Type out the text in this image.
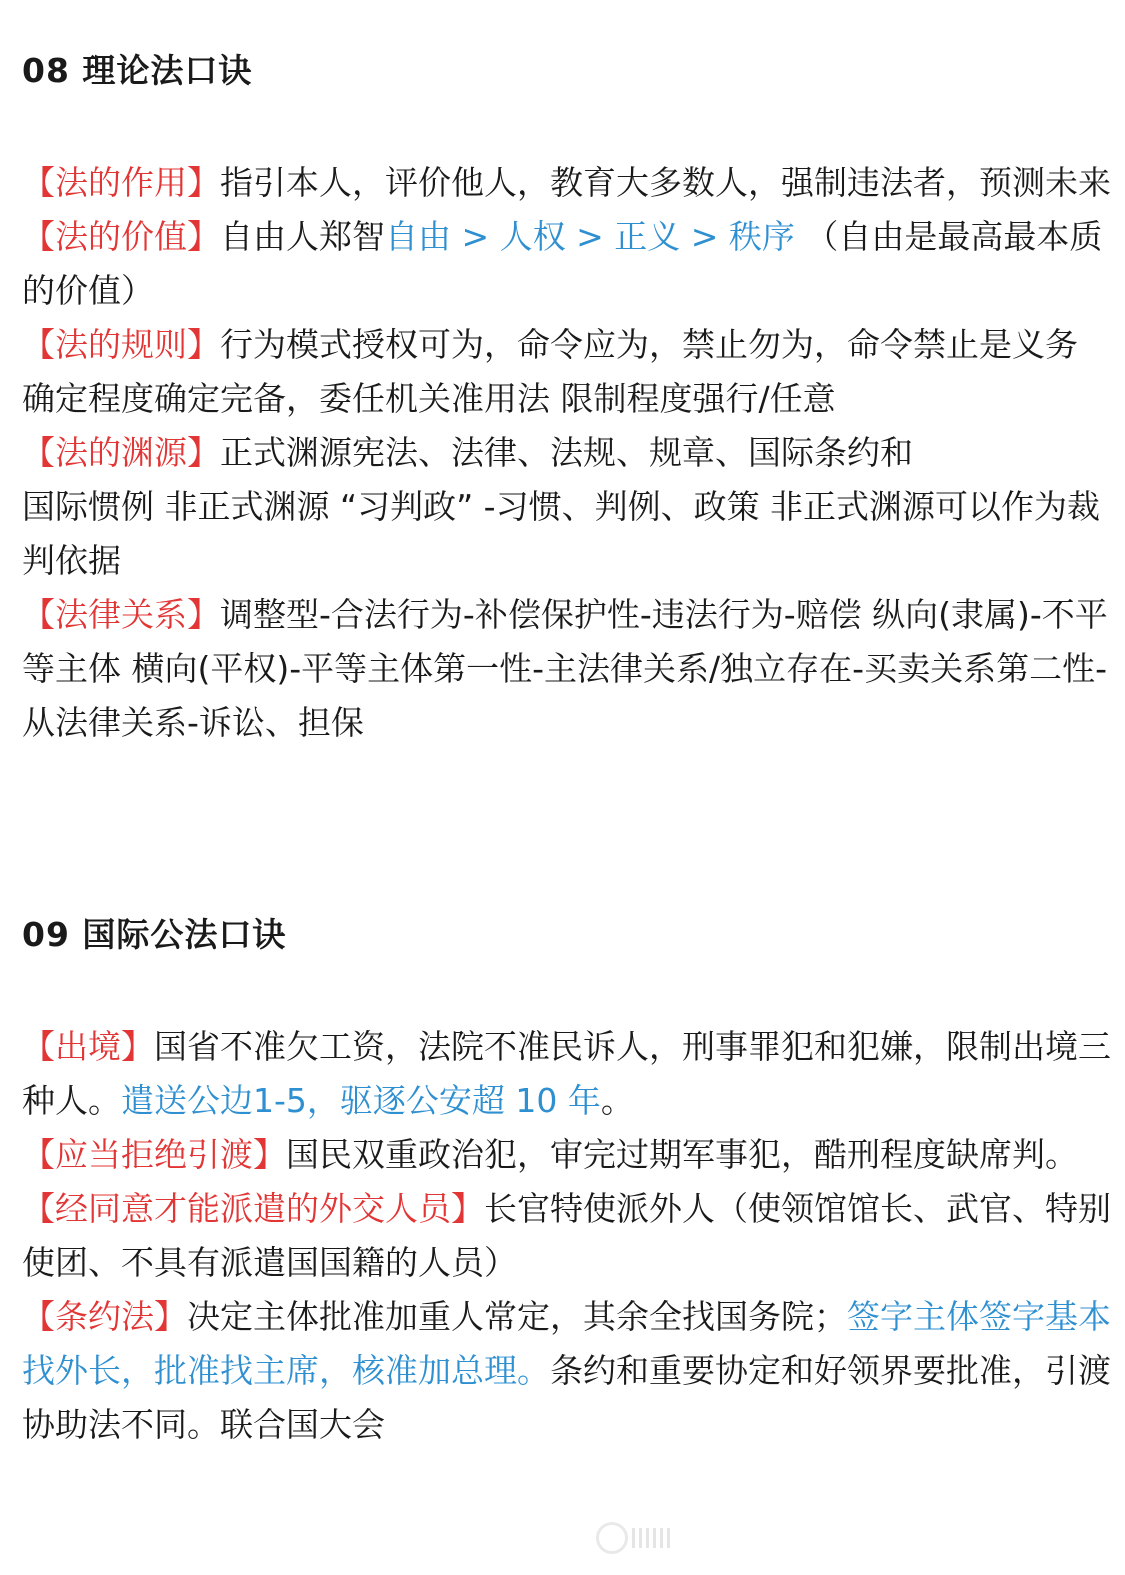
08 理论法口诀

【法的作用】指引本人，评价他人，教育大多数人，强制违法者，预测未来

【法的价值】自由人郑智自由 > 人权 > 正义 > 秩序 （自由是最高最本质的价值）

【法的规则】行为模式授权可为，命令应为，禁止勿为，命令禁止是义务 确定程度确定完备，委任机关准用法 限制程度强行/任意

【法的渊源】正式渊源宪法、法律、法规、规章、国际条约和
国际惯例 非正式渊源 “习判政” -习惯、判例、政策 非正式渊源可以作为裁判依据

【法律关系】调整型-合法行为-补偿保护性-违法行为-赔偿 纵向(隶属)-不平等主体 横向(平权)-平等主体第一性-主法律关系/独立存在-买卖关系第二性-从法律关系-诉讼、担保

09 国际公法口诀

【出境】国省不准欠工资，法院不准民诉人，刑事罪犯和犯嫌，限制出境三种人。遣送公边1-5，驱逐公安超 10 年。

【应当拒绝引渡】国民双重政治犯，审完过期军事犯，酷刑程度缺席判。

【经同意才能派遣的外交人员】长官特使派外人（使领馆馆长、武官、特别使团、不具有派遣国国籍的人员）

【条约法】决定主体批准加重人常定，其余全找国务院；签字主体签字基本找外长，批准找主席，核准加总理。条约和重要协定和好领界要批准，引渡协助法不同。联合国大会
